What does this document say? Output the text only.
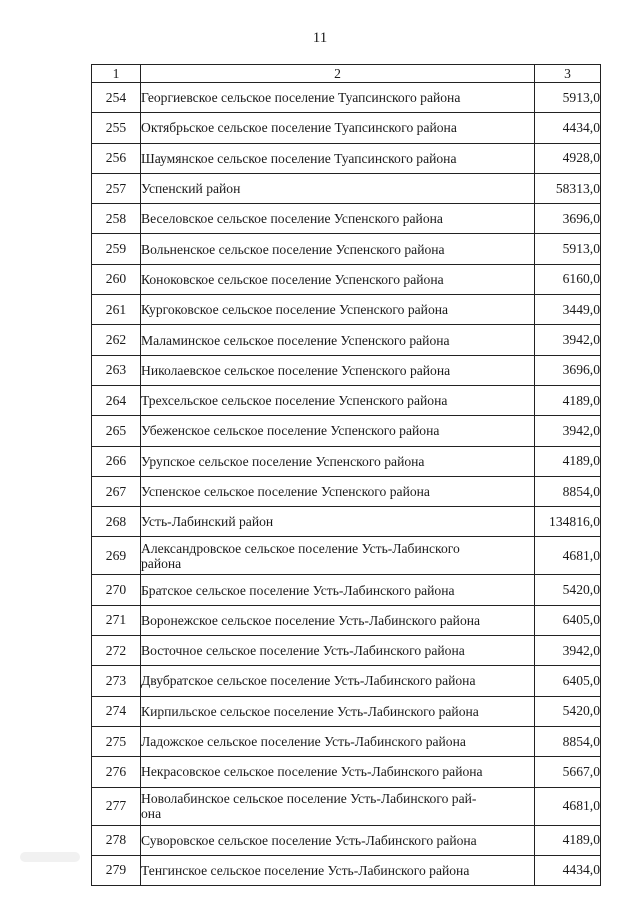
11
1	2	3
254	Георгиевское сельское поселение Туапсинского района	5913,0
255	Октябрьское сельское поселение Туапсинского района	4434,0
256	Шаумянское сельское поселение Туапсинского района	4928,0
257	Успенский район	58313,0
258	Веселовское сельское поселение Успенского района	3696,0
259	Вольненское сельское поселение Успенского района	5913,0
260	Коноковское сельское поселение Успенского района	6160,0
261	Кургоковское сельское поселение Успенского района	3449,0
262	Маламинское сельское поселение Успенского района	3942,0
263	Николаевское сельское поселение Успенского района	3696,0
264	Трехсельское сельское поселение Успенского района	4189,0
265	Убеженское сельское поселение Успенского района	3942,0
266	Урупское сельское поселение Успенского района	4189,0
267	Успенское сельское поселение Успенского района	8854,0
268	Усть-Лабинский район	134816,0
269	Александровское сельское поселение Усть-Лабинского
района	4681,0
270	Братское сельское поселение Усть-Лабинского района	5420,0
271	Воронежское сельское поселение Усть-Лабинского района	6405,0
272	Восточное сельское поселение Усть-Лабинского района	3942,0
273	Двубратское сельское поселение Усть-Лабинского района	6405,0
274	Кирпильское сельское поселение Усть-Лабинского района	5420,0
275	Ладожское сельское поселение Усть-Лабинского района	8854,0
276	Некрасовское сельское поселение Усть-Лабинского района	5667,0
277	Новолабинское сельское поселение Усть-Лабинского рай-
она	4681,0
278	Суворовское сельское поселение Усть-Лабинского района	4189,0
279	Тенгинское сельское поселение Усть-Лабинского района	4434,0
